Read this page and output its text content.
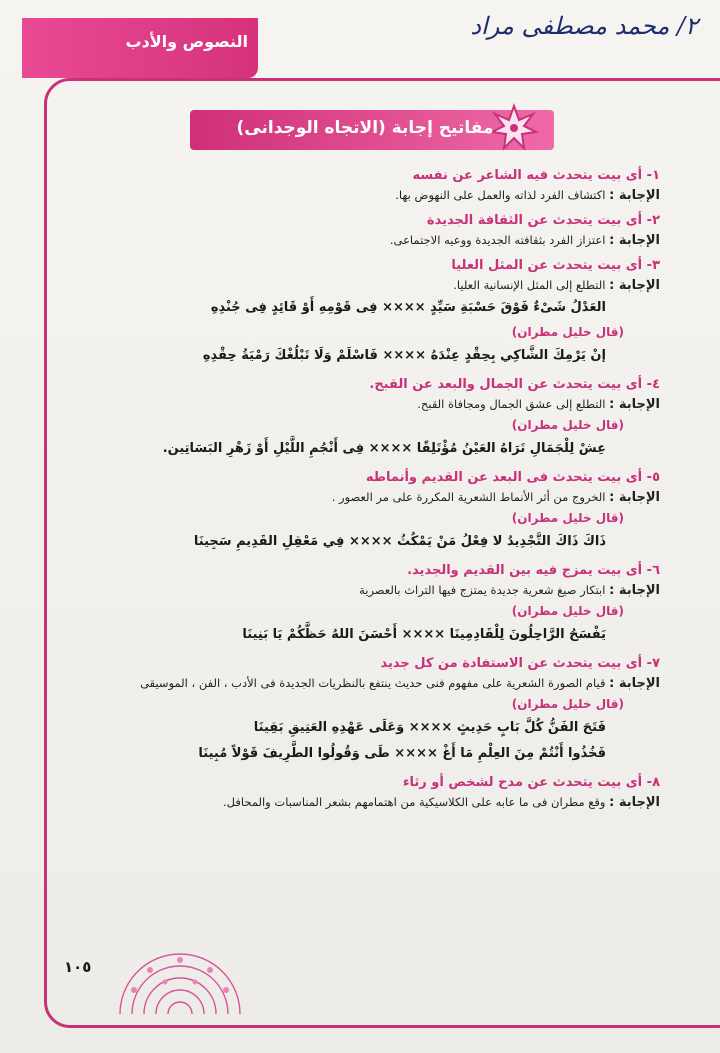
النصوص والأدب
٢/ محمد مصطفى مراد
مفاتيح إجابة (الاتجاه الوجدانى)
١- أى بيت يتحدث فيه الشاعر عن نفسه
الإجابة : اكتشاف الفرد لذاته والعمل على النهوض بها.
٢- أى بيت يتحدث عن الثقافة الجديدة
الإجابة : اعتزاز الفرد بثقافته الجديدة ووعيه الاجتماعى.
٣- أى بيت يتحدث عن المثل العليا
الإجابة : التطلع إلى المثل الإنسانية العليا.
العَدْلُ شَىْءٌ فَوْقَ حَسْبَةِ سَيِّدٍ ×××× فِى قَوْمِهِ أَوْ قَائِدٍ فِى جُنْدِهِ
(قال خليل مطران)
إنْ يَرْمِكَ الشَّاكِي بِحِقْدٍ عِنْدَهُ ×××× فَاسْلَمْ وَلَا تَبْلُغْكَ رَمْيَةُ حِقْدِهِ
٤- أى بيت يتحدث عن الجمال والبعد عن القبح.
الإجابة : التطلع إلى عشق الجمال ومجافاة القبح.
(قال خليل مطران)
عِشْ لِلْجَمَالِ تَرَاهُ العَيْنُ مُؤْتَلِقًا ×××× فِى أَنْجُمِ اللَّيْلِ أَوْ زَهْرِ البَسَاتِين.
٥- أى بيت يتحدث فى البعد عن القديم وأنماطه
الإجابة : الخروج من أثر الأنماط الشعرية المكررة على مر العصور .
(قال خليل مطران)
ذَاكَ ذَاكَ التَّجْدِيدُ لا فِعْلُ مَنْ يَمْكُثُ ×××× فِي مَعْقِلِ القَدِيمِ سَجِينَا
٦- أى بيت يمزج فيه بين القديم والجديد.
الإجابة : ابتكار صيغ شعرية جديدة يمتزج فيها التراث بالعصرية
(قال خليل مطران)
يَفْسَحُ الرَّاحِلُونَ لِلْقَادِمِينَا ×××× أَحْسَنَ اللهُ حَظَّكُمْ يَا بَنِينَا
٧- أى بيت يتحدث عن الاستفادة من كل جديد
الإجابة : قيام الصورة الشعرية على مفهوم فنى حديث ينتفع بالنظريات الجديدة فى الأدب ، الفن ، الموسيقى
(قال خليل مطران)
فَتَحَ الفَنُّ كُلَّ بَابٍ حَدِيثٍ ×××× وَعَلَى عَهْدِهِ العَتِيقِ بَقِينَا
فَخُذُوا أَنْتُمْ مِنَ العِلْمِ مَا أَغْ ×××× طَى وَقُولُوا الطَّرِيفَ قَوْلاً مُبِينَا
٨- أى بيت يتحدث عن مدح لشخص أو رثاء
الإجابة : وقع مطران فى ما عابه على الكلاسيكية من اهتمامهم بشعر المناسبات والمحافل.
١٠٥
